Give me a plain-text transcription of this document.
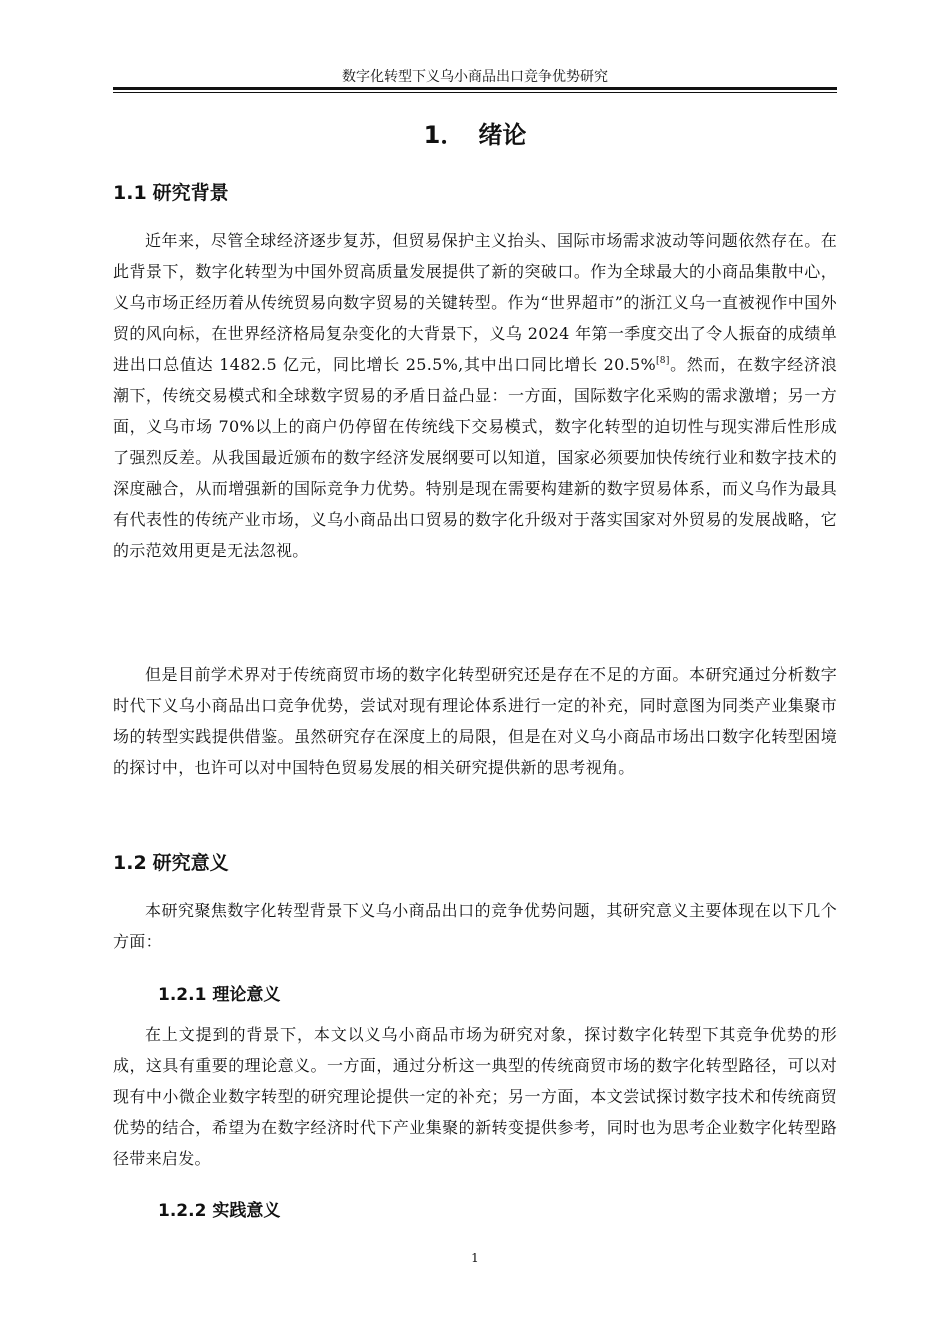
数字化转型下义乌小商品出口竞争优势研究
1． 绪论
1.1 研究背景

近年来，尽管全球经济逐步复苏，但贸易保护主义抬头、国际市场需求波动等问题依然存在。在此背景下，数字化转型为中国外贸高质量发展提供了新的突破口。作为全球最大的小商品集散中心，义乌市场正经历着从传统贸易向数字贸易的关键转型。作为“世界超市”的浙江义乌一直被视作中国外贸的风向标，在世界经济格局复杂变化的大背景下，义乌 2024 年第一季度交出了令人振奋的成绩单进出口总值达 1482.5 亿元，同比增长 25.5%,其中出口同比增长 20.5%[8]。然而，在数字经济浪潮下，传统交易模式和全球数字贸易的矛盾日益凸显：一方面，国际数字化采购的需求激增；另一方面，义乌市场 70%以上的商户仍停留在传统线下交易模式，数字化转型的迫切性与现实滞后性形成了强烈反差。从我国最近颁布的数字经济发展纲要可以知道，国家必须要加快传统行业和数字技术的深度融合，从而增强新的国际竞争力优势。特别是现在需要构建新的数字贸易体系，而义乌作为最具有代表性的传统产业市场，义乌小商品出口贸易的数字化升级对于落实国家对外贸易的发展战略，它的示范效用更是无法忽视。

但是目前学术界对于传统商贸市场的数字化转型研究还是存在不足的方面。本研究通过分析数字时代下义乌小商品出口竞争优势，尝试对现有理论体系进行一定的补充，同时意图为同类产业集聚市场的转型实践提供借鉴。虽然研究存在深度上的局限，但是在对义乌小商品市场出口数字化转型困境的探讨中，也许可以对中国特色贸易发展的相关研究提供新的思考视角。

1.2 研究意义

本研究聚焦数字化转型背景下义乌小商品出口的竞争优势问题，其研究意义主要体现在以下几个方面：

1.2.1 理论意义

在上文提到的背景下，本文以义乌小商品市场为研究对象，探讨数字化转型下其竞争优势的形成，这具有重要的理论意义。一方面，通过分析这一典型的传统商贸市场的数字化转型路径，可以对现有中小微企业数字转型的研究理论提供一定的补充；另一方面，本文尝试探讨数字技术和传统商贸优势的结合，希望为在数字经济时代下产业集聚的新转变提供参考，同时也为思考企业数字化转型路径带来启发。

1.2.2 实践意义
1
